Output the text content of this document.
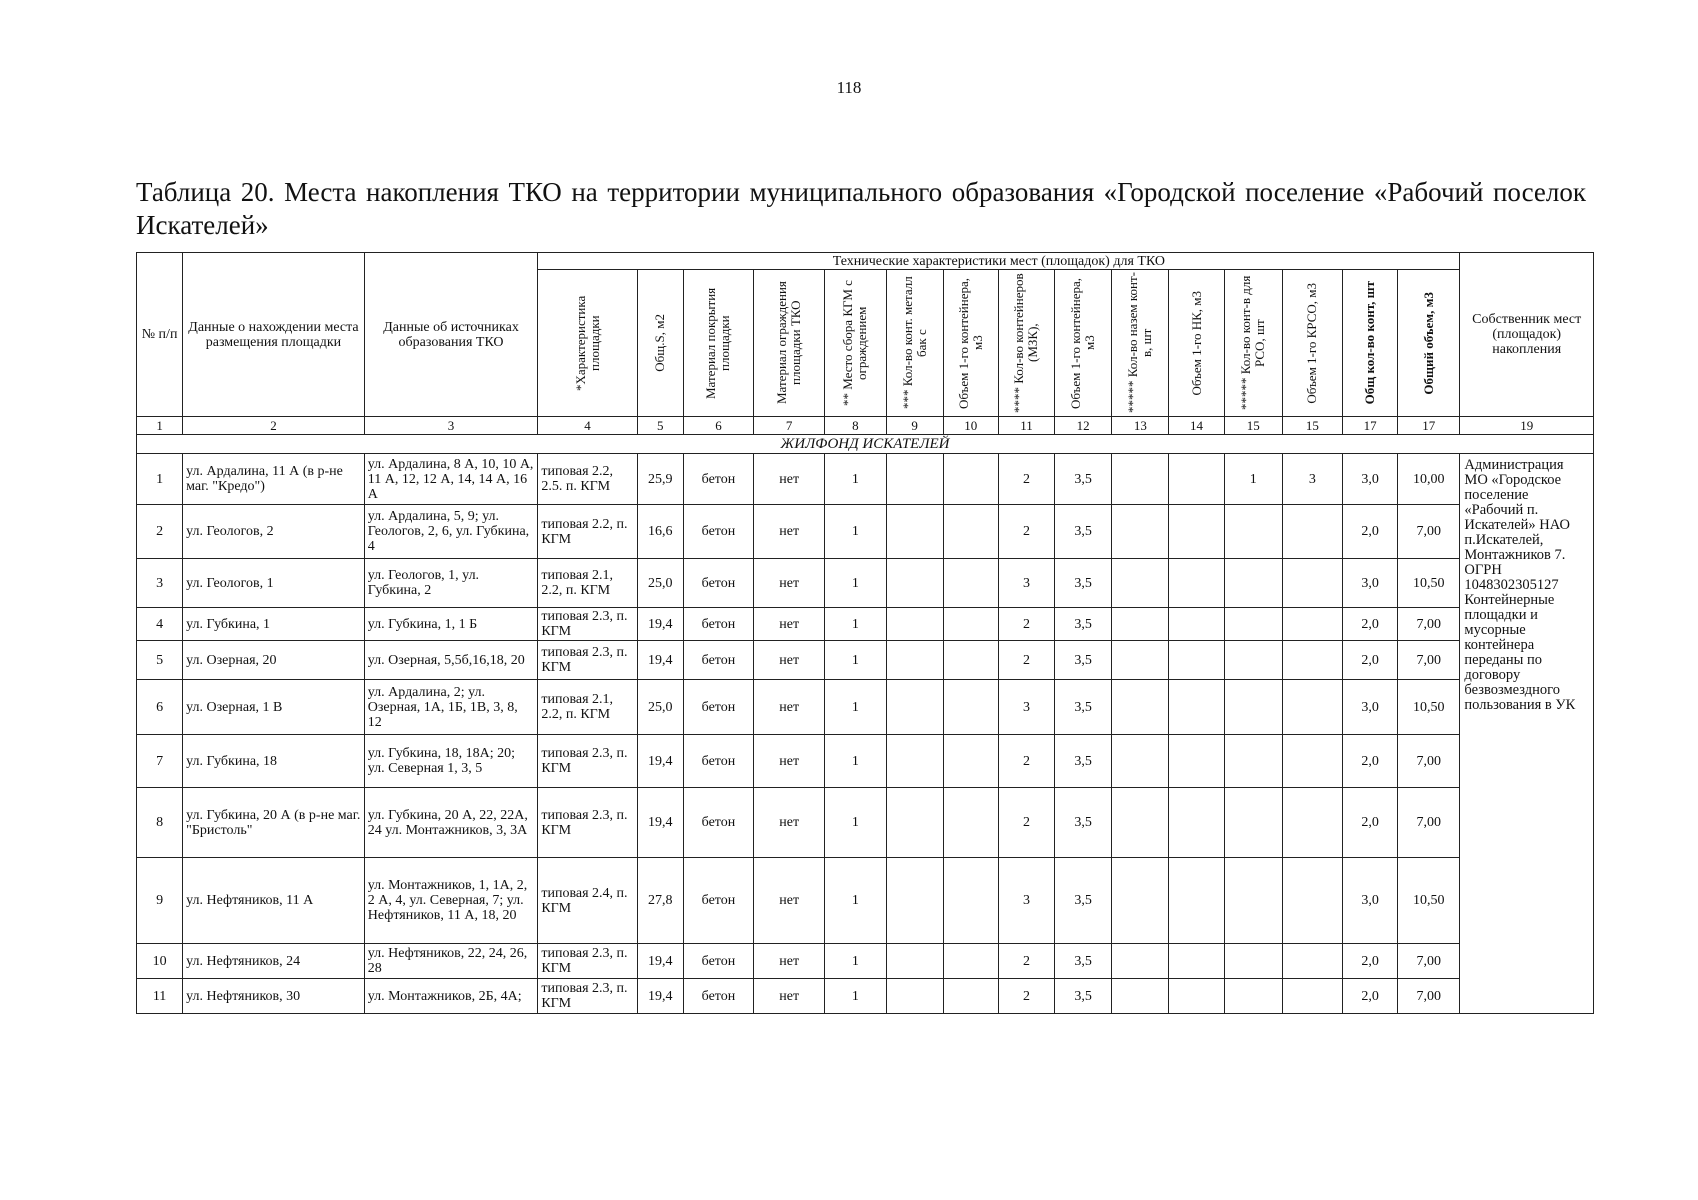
118
Таблица 20. Места накопления ТКО на территории муниципального образования «Городской поселение «Рабочий поселок Искателей»
№ п/п	Данные о нахождении места размещения площадки	Данные об источниках образования ТКО	Технические характеристики мест (площадок) для ТКО															Собственник мест (площадок) накопления

			*Характеристика площадки	Общ.S, м2	Материал покрытия площадки	Материал ограждения площадки ТКО	** Место сбора КГМ с ограждением	*** Кол-во конт. металл бак с	Объем 1-го контейнера, м3	**** Кол-во контейнеров (МЗК),	Объем 1-го контейнера, м3	***** Кол-во назем конт-в, шт	Объем 1-го НК, м3	***** Кол-во конт-в для РСО, шт	Объем 1-го КРСО, м3	Общ кол-во конт, шт	Общий объем, м3	

1	2	3	4	5	6	7	8	9	10	11	12	13	14	15	15	17	17	19
ЖИЛФОНД ИСКАТЕЛЕЙ																		
1	ул. Ардалина, 11 А (в р-не маг. "Кредо")	ул. Ардалина, 8 А, 10, 10 А, 11 А, 12, 12 А, 14, 14 А, 16 А	типовая 2.2, 2.5. п. КГМ	25,9	бетон	нет	1			2	3,5			1	3	3,0	10,00	Администрация МО «Городское поселение «Рабочий п. Искателей» НАО п.Искателей, Монтажников 7. ОГРН 1048302305127 Контейнерные площадки и мусорные контейнера переданы по договору безвозмездного пользования в УК
2	ул. Геологов, 2	ул. Ардалина, 5, 9; ул. Геологов, 2, 6, ул. Губкина, 4	типовая 2.2, п. КГМ	16,6	бетон	нет	1			2	3,5					2,0	7,00	
3	ул. Геологов, 1	ул. Геологов, 1, ул. Губкина, 2	типовая 2.1, 2.2, п. КГМ	25,0	бетон	нет	1			3	3,5					3,0	10,50	
4	ул. Губкина, 1	ул. Губкина, 1, 1 Б	типовая 2.3, п. КГМ	19,4	бетон	нет	1			2	3,5					2,0	7,00	
5	ул. Озерная, 20	ул. Озерная, 5,5б,16,18, 20	типовая 2.3, п. КГМ	19,4	бетон	нет	1			2	3,5					2,0	7,00	
6	ул. Озерная, 1 В	ул. Ардалина, 2; ул. Озерная, 1А, 1Б, 1В, 3, 8, 12	типовая 2.1, 2.2, п. КГМ	25,0	бетон	нет	1			3	3,5					3,0	10,50	
7	ул. Губкина, 18	ул. Губкина, 18, 18А; 20; ул. Северная 1, 3, 5	типовая 2.3, п. КГМ	19,4	бетон	нет	1			2	3,5					2,0	7,00	
8	ул. Губкина, 20 А (в р-не маг. "Бристоль"	ул. Губкина, 20 А, 22, 22А, 24 ул. Монтажников, 3, 3А	типовая 2.3, п. КГМ	19,4	бетон	нет	1			2	3,5					2,0	7,00	
9	ул. Нефтяников, 11 А	ул. Монтажников, 1, 1А, 2, 2 А, 4, ул. Северная, 7; ул. Нефтяников, 11 А, 18, 20	типовая 2.4, п. КГМ	27,8	бетон	нет	1			3	3,5					3,0	10,50	
10	ул. Нефтяников, 24	ул. Нефтяников, 22, 24, 26, 28	типовая 2.3, п. КГМ	19,4	бетон	нет	1			2	3,5					2,0	7,00	
11	ул. Нефтяников, 30	ул. Монтажников, 2Б, 4А;	типовая 2.3, п. КГМ	19,4	бетон	нет	1			2	3,5					2,0	7,00	
